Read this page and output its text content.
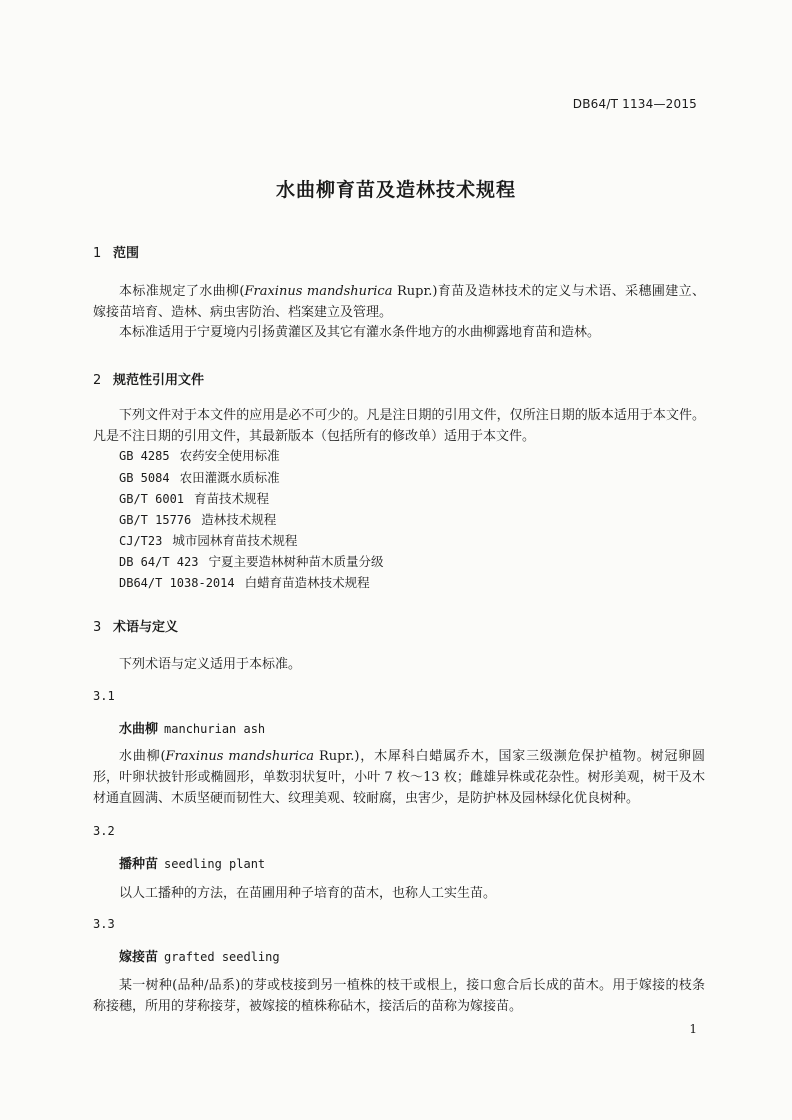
DB64/T 1134—2015
水曲柳育苗及造林技术规程
1 范围
本标准规定了水曲柳(Fraxinus mandshurica Rupr.)育苗及造林技术的定义与术语、采穗圃建立、嫁接苗培育、造林、病虫害防治、档案建立及管理。
本标准适用于宁夏境内引扬黄灌区及其它有灌水条件地方的水曲柳露地育苗和造林。
2 规范性引用文件
下列文件对于本文件的应用是必不可少的。凡是注日期的引用文件，仅所注日期的版本适用于本文件。凡是不注日期的引用文件，其最新版本（包括所有的修改单）适用于本文件。
GB 4285 农药安全使用标准
GB 5084 农田灌溉水质标准
GB/T 6001 育苗技术规程
GB/T 15776 造林技术规程
CJ/T23 城市园林育苗技术规程
DB 64/T 423 宁夏主要造林树种苗木质量分级
DB64/T 1038-2014 白蜡育苗造林技术规程
3 术语与定义
下列术语与定义适用于本标准。
3.1
水曲柳 manchurian ash
水曲柳(Fraxinus mandshurica Rupr.)，木犀科白蜡属乔木，国家三级濒危保护植物。树冠卵圆形，叶卵状披针形或椭圆形，单数羽状复叶，小叶 7 枚～13 枚；雌雄异株或花杂性。树形美观，树干及木材通直圆满、木质坚硬而韧性大、纹理美观、较耐腐，虫害少，是防护林及园林绿化优良树种。
3.2
播种苗 seedling plant
以人工播种的方法，在苗圃用种子培育的苗木，也称人工实生苗。
3.3
嫁接苗 grafted seedling
某一树种(品种/品系)的芽或枝接到另一植株的枝干或根上，接口愈合后长成的苗木。用于嫁接的枝条称接穗，所用的芽称接芽，被嫁接的植株称砧木，接活后的苗称为嫁接苗。
1
